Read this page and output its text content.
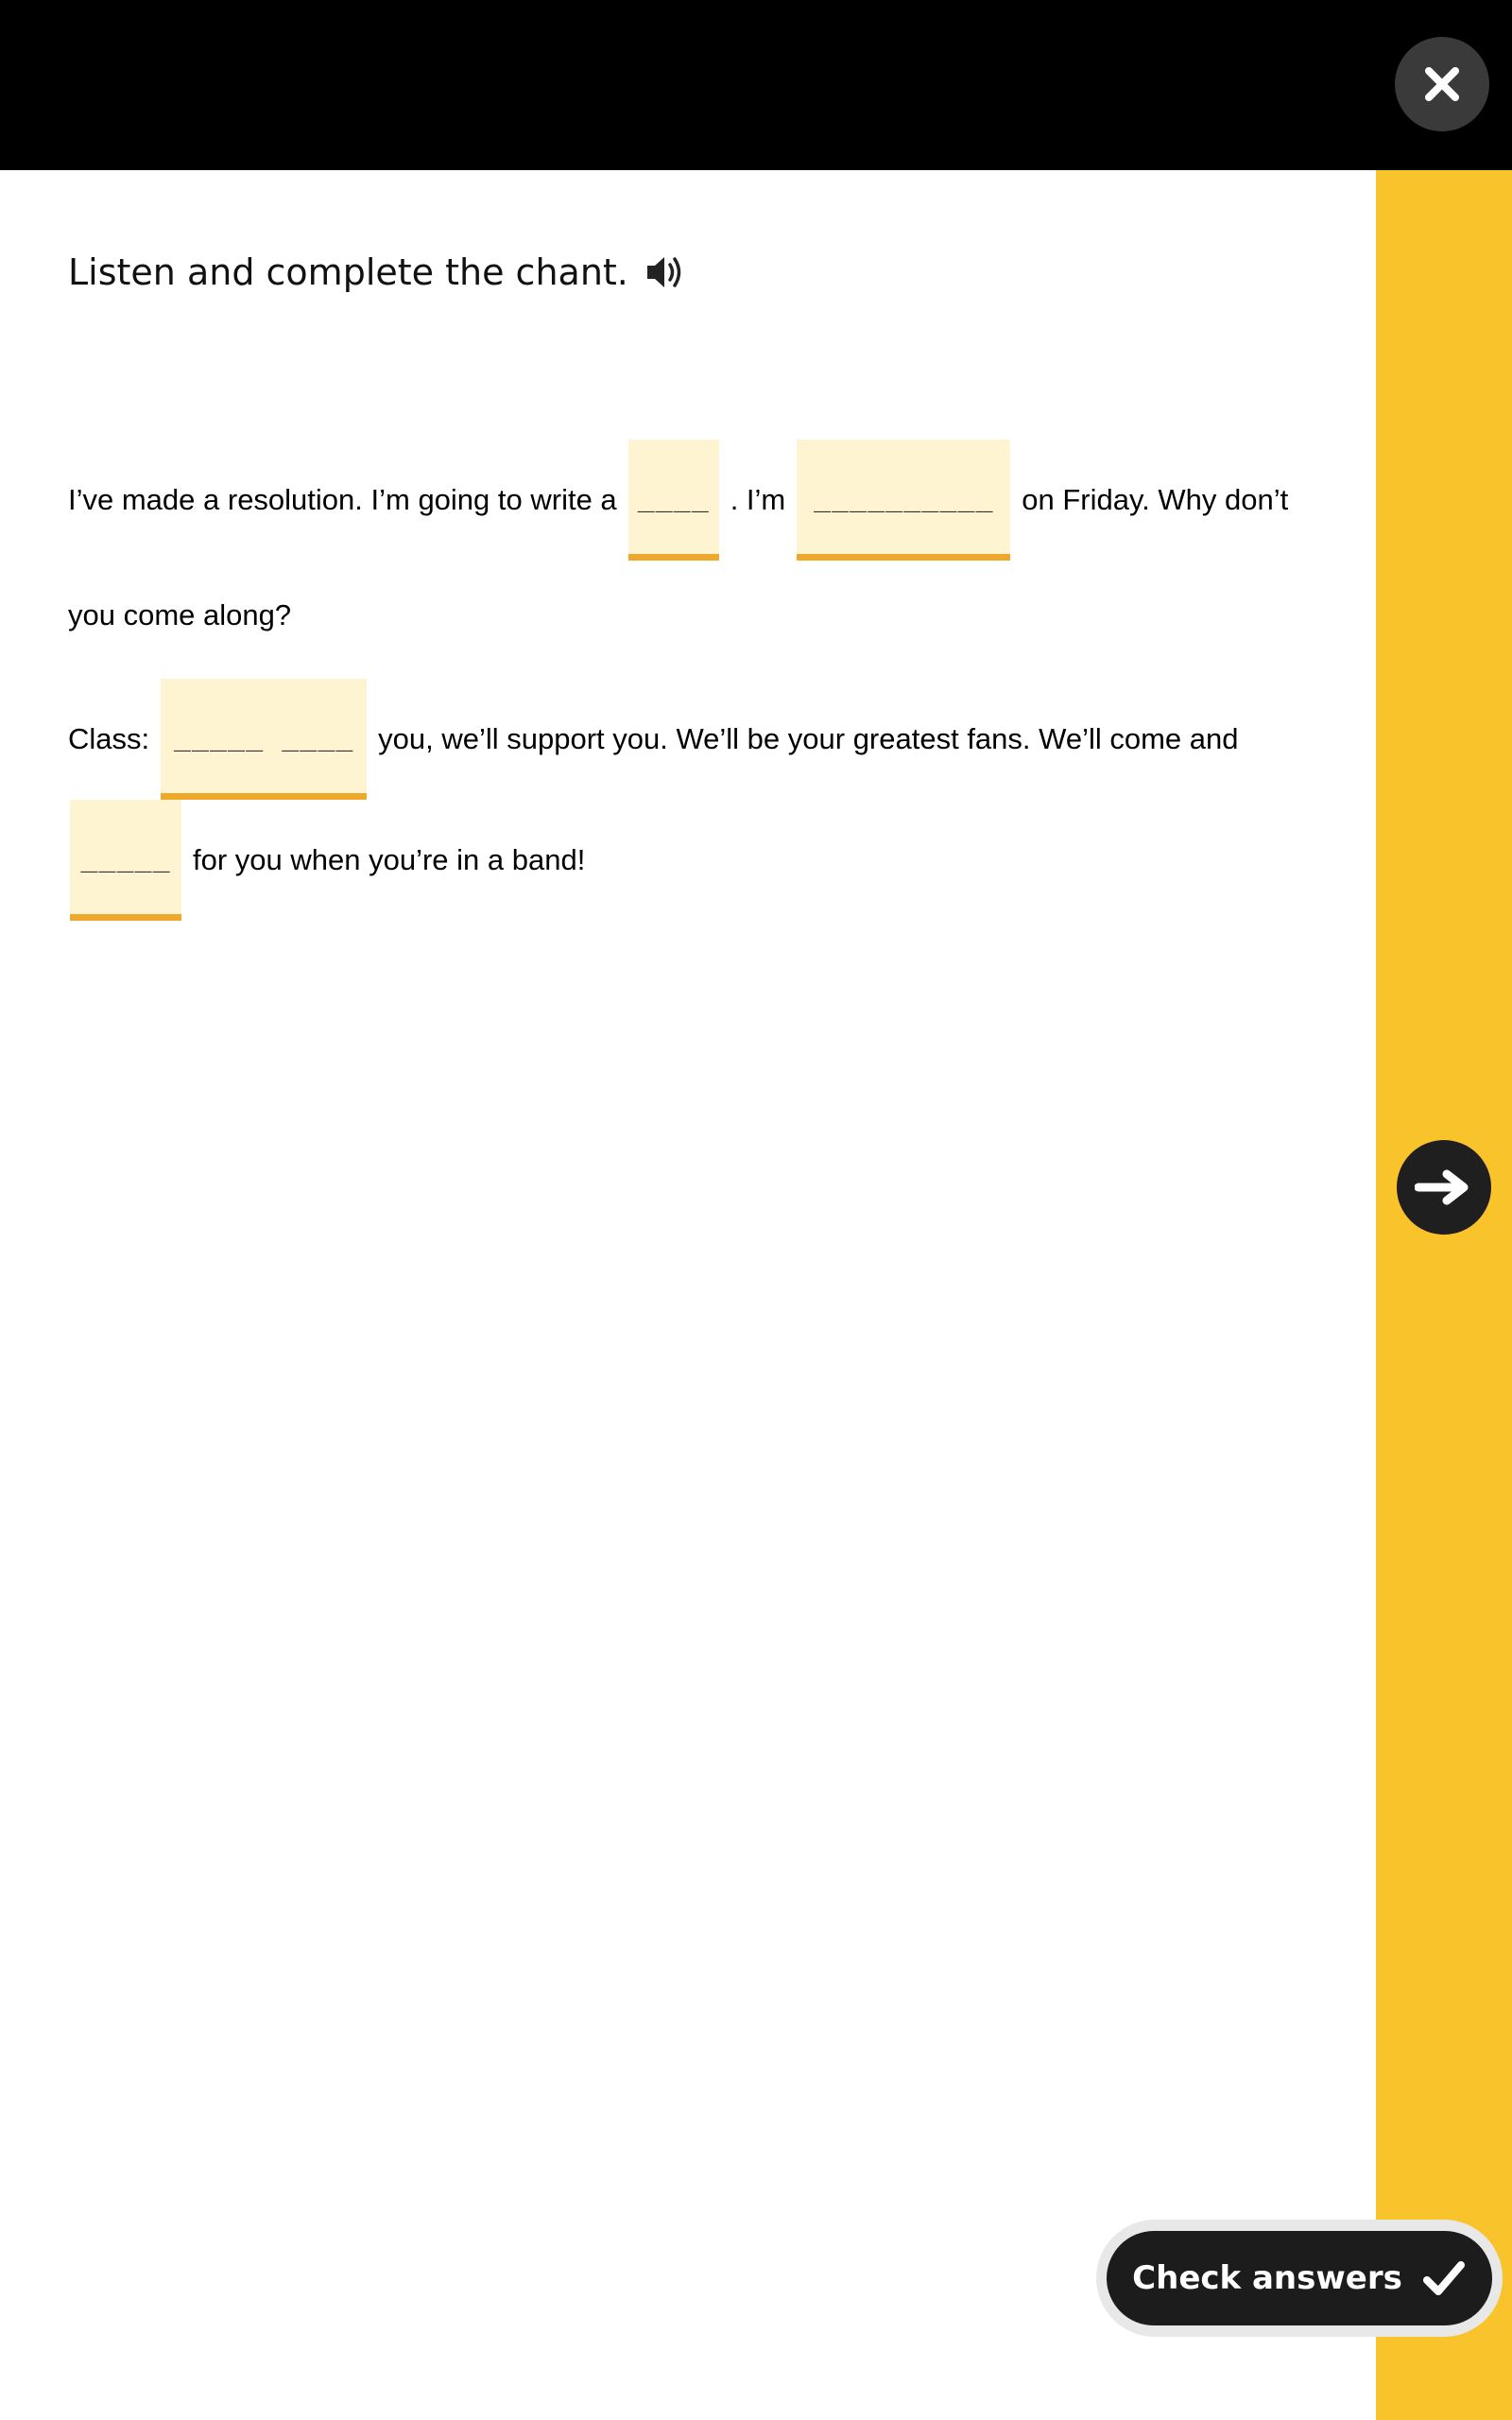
Listen and complete the chant.
I’ve made a resolution. I’m going to write a ____ . I’m __________ on Friday. Why don’t
you come along?
Class: _____ ____ you, we’ll support you. We’ll be your greatest fans. We’ll come and
_____ for you when you’re in a band!
Check answers
